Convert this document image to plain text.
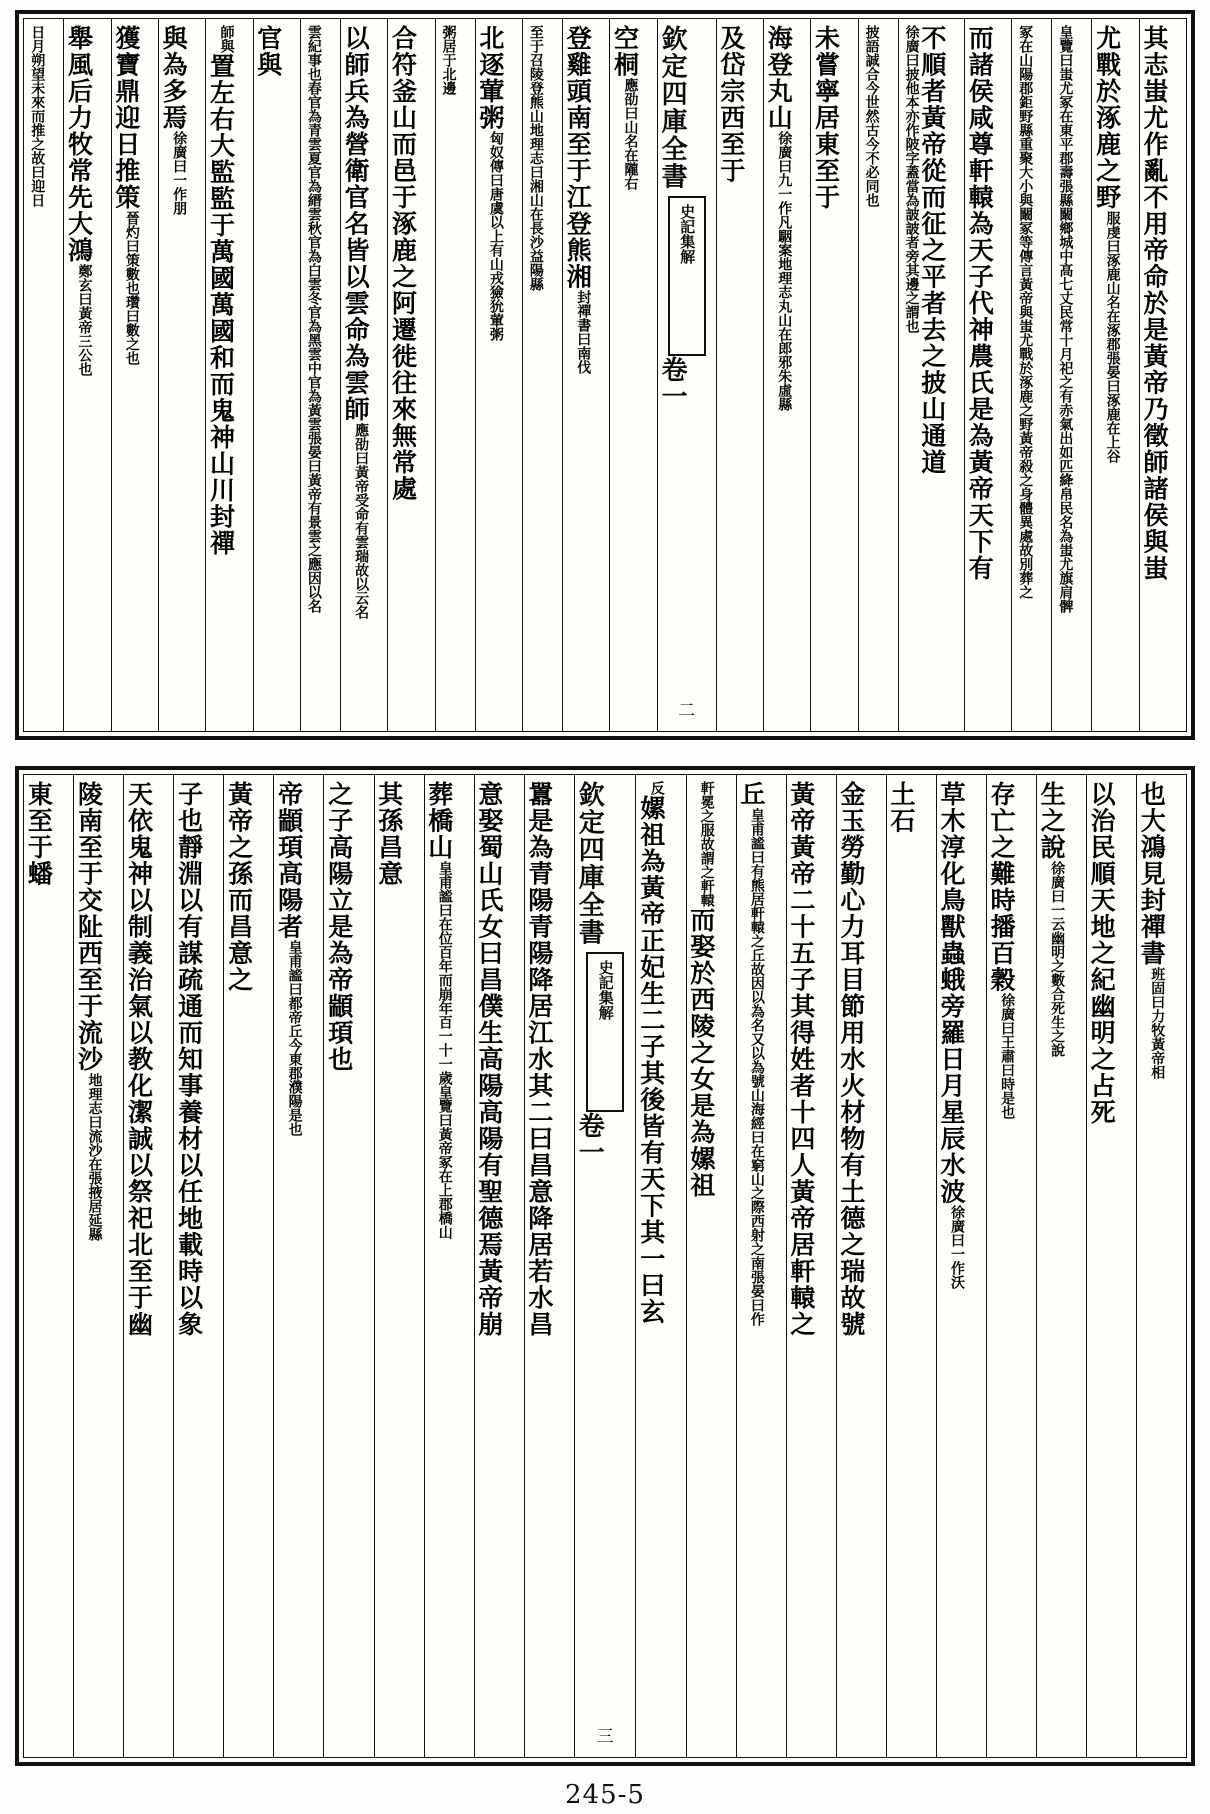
其志蚩尤作亂不用帝命於是黃帝乃徵師諸侯與蚩
尤戰於涿鹿之野服虔曰涿鹿山名在涿郡張晏曰涿鹿在上谷
皇覽曰蚩尤冢在東平郡壽張縣闞鄉城中高七丈民常十月祀之有赤氣出如匹絳帛民名為蚩尤旗肩髀
冢在山陽郡鉅野縣重聚大小與闞冢等傳言黃帝與蚩尤戰於涿鹿之野黃帝殺之身體異處故別葬之
而諸侯咸尊軒轅為天子代神農氏是為黃帝天下有
不順者黃帝從而征之平者去之披山通道徐廣曰披他本亦作陂字蓋當為詖詖者旁其邊之謂也
披語誠合今世然古今不必同也
未嘗寧居東至于
海登丸山徐廣曰九一作凡駰案地理志丸山在郎邪朱虛縣
及岱宗西至于
欽定四庫全書
史記集解
卷一
二
空桐應劭曰山名在隴右
登雞頭南至于江登熊湘封禪書曰南伐
至于召陵登熊山地理志曰湘山在長沙益陽縣
北逐葷粥匈奴傳曰唐虞以上有山戎獫狁葷粥
粥居于北邊
合符釜山而邑于涿鹿之阿遷徙往來無常處
以師兵為營衛官名皆以雲命為雲師應劭曰黃帝受命有雲瑞故以云名
雲紀事也春官為青雲夏官為縉雲秋官為白雲冬官為黑雲中官為黃雲張晏曰黃帝有景雲之應因以名
官與
師與置左右大監監于萬國萬國和而鬼神山川封禪
與為多焉徐廣曰一作朋
獲寶鼎迎日推策晉灼曰策數也瓚曰數之也
舉風后力牧常先大鴻鄭玄曰黃帝三公也
日月朔望未來而推之故曰迎日
也大鴻見封禪書班固曰力牧黃帝相
以治民順天地之紀幽明之占死
生之說徐廣曰一云幽明之數合死生之說
存亡之難時播百穀徐廣曰王肅曰時是也
草木淳化鳥獸蟲蛾旁羅日月星辰水波徐廣曰一作沃
土石
金玉勞勤心力耳目節用水火材物有土德之瑞故號
黃帝黃帝二十五子其得姓者十四人黃帝居軒轅之
丘皇甫謐曰有熊居軒轅之丘故因以為名又以為號山海經曰在窮山之際西射之南張晏曰作
軒冕之服故謂之軒轅而娶於西陵之女是為嫘祖
反嫘祖為黃帝正妃生二子其後皆有天下其一曰玄
欽定四庫全書
史記集解
卷一
三
囂是為青陽青陽降居江水其二曰昌意降居若水昌
意娶蜀山氏女曰昌僕生高陽高陽有聖德焉黃帝崩
葬橋山皇甫謐曰在位百年而崩年百一十一歲皇覽曰黃帝冢在上郡橋山
其孫昌意
之子高陽立是為帝顓頊也
帝顓頊高陽者皇甫謐曰都帝丘今東郡濮陽是也
黃帝之孫而昌意之
子也靜淵以有謀疏通而知事養材以任地載時以象
天依鬼神以制義治氣以教化潔誠以祭祀北至于幽
陵南至于交阯西至于流沙地理志曰流沙在張掖居延縣
東至于蟠
245-5
